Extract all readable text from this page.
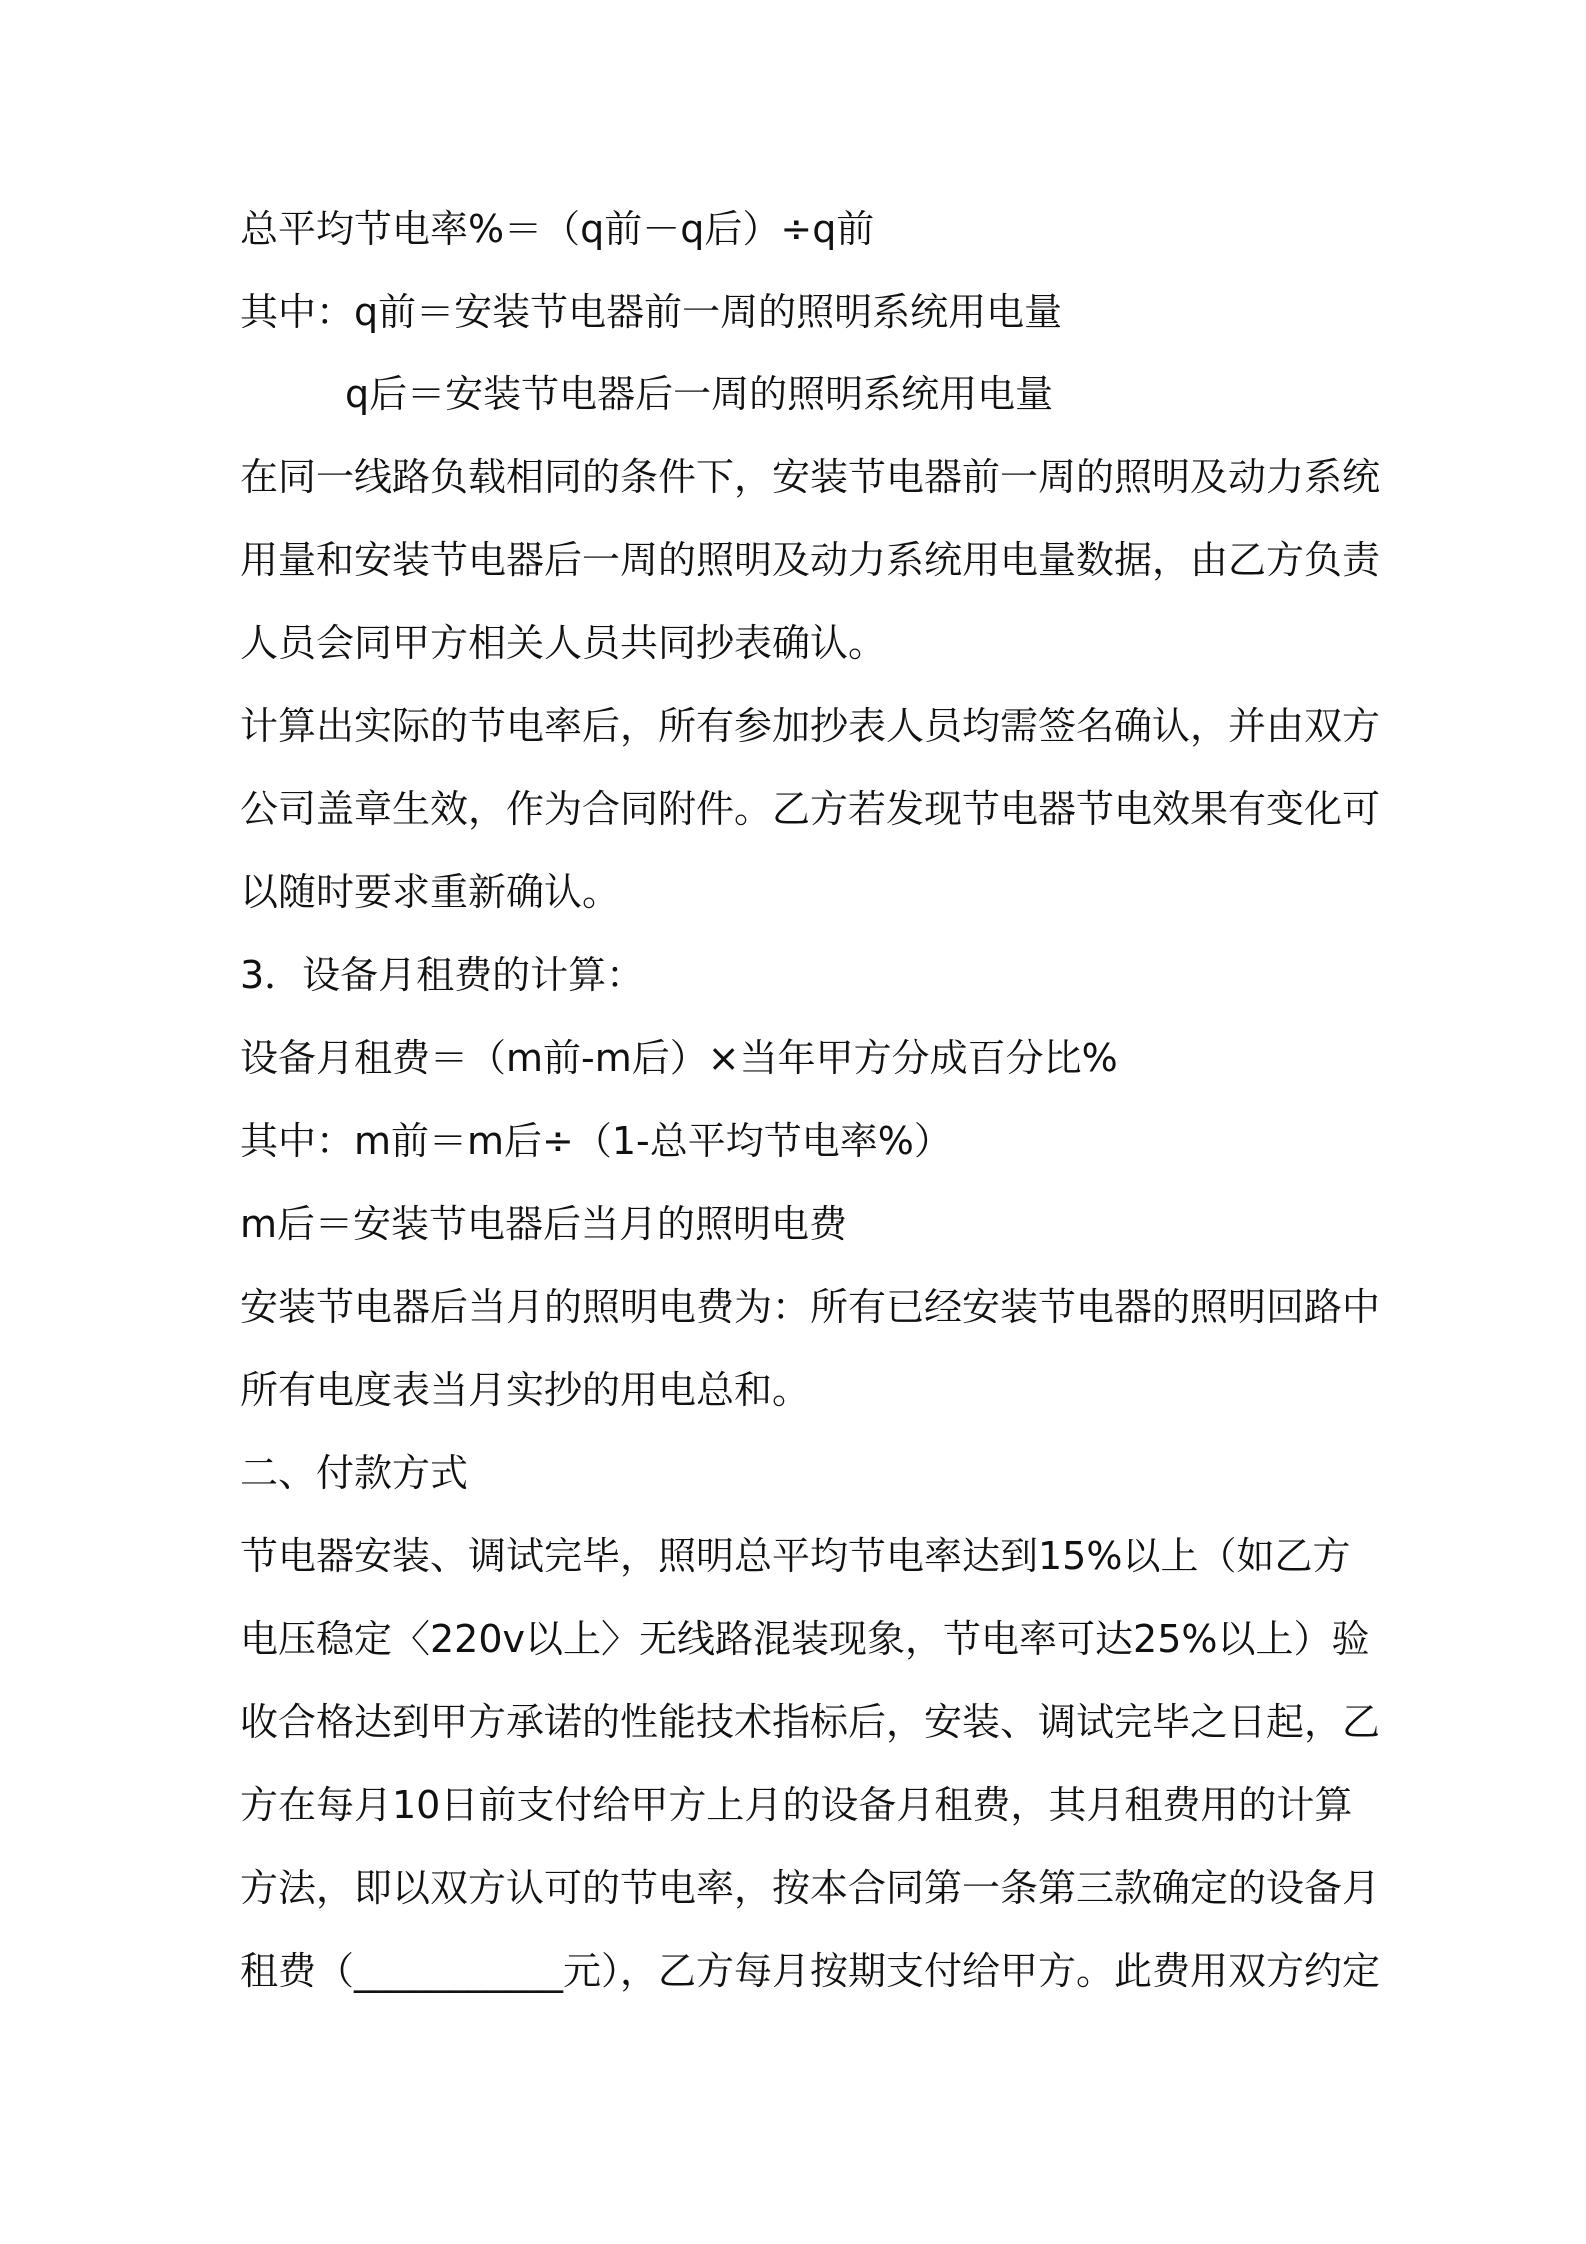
总平均节电率%＝（q前－q后）÷q前
其中：q前＝安装节电器前一周的照明系统用电量
q后＝安装节电器后一周的照明系统用电量
在同一线路负载相同的条件下，安装节电器前一周的照明及动力系统
用量和安装节电器后一周的照明及动力系统用电量数据，由乙方负责
人员会同甲方相关人员共同抄表确认。
计算出实际的节电率后，所有参加抄表人员均需签名确认，并由双方
公司盖章生效，作为合同附件。乙方若发现节电器节电效果有变化可
以随时要求重新确认。
3．设备月租费的计算：
设备月租费＝（m前-m后）×当年甲方分成百分比%
其中：m前＝m后÷（1-总平均节电率%）
m后＝安装节电器后当月的照明电费
安装节电器后当月的照明电费为：所有已经安装节电器的照明回路中
所有电度表当月实抄的用电总和。
二、付款方式
节电器安装、调试完毕，照明总平均节电率达到15%以上（如乙方
电压稳定〈220v以上〉无线路混装现象，节电率可达25%以上）验
收合格达到甲方承诺的性能技术指标后，安装、调试完毕之日起，乙
方在每月10日前支付给甲方上月的设备月租费，其月租费用的计算
方法，即以双方认可的节电率，按本合同第一条第三款确定的设备月
租费（___________元），乙方每月按期支付给甲方。此费用双方约定
